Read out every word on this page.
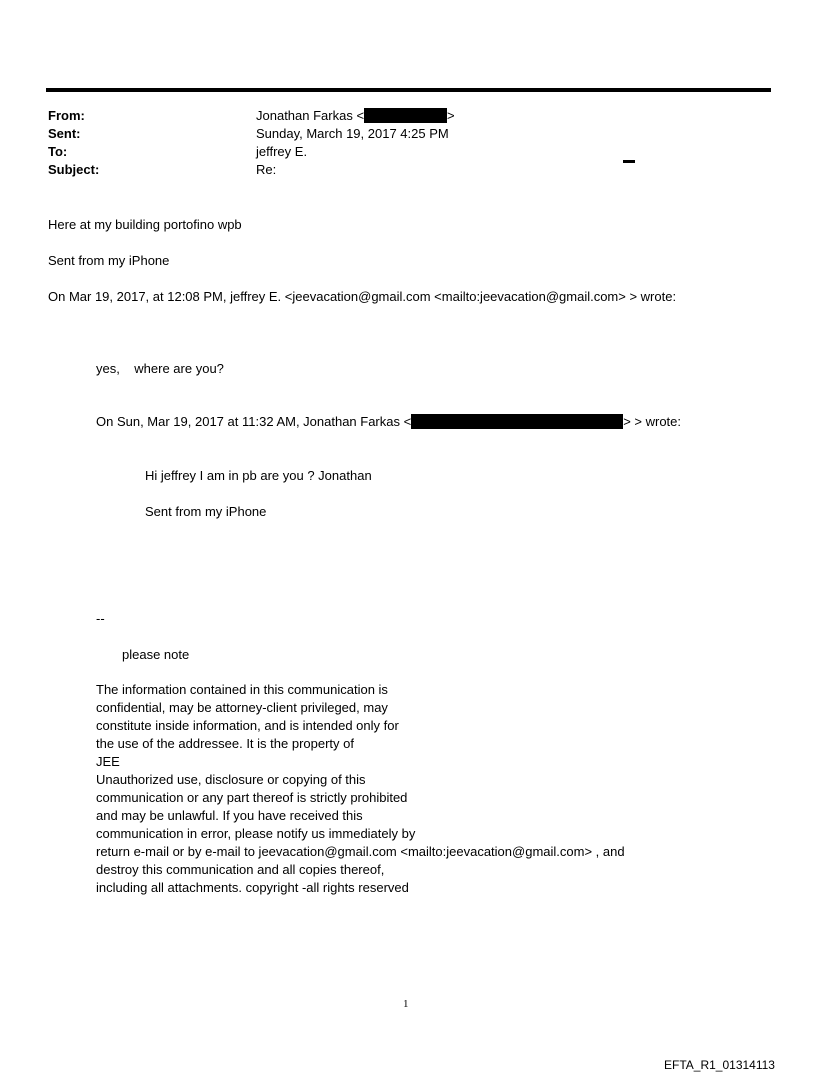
From:
Sent:
To:
Subject:
Jonathan Farkas <	>
Sunday, March 19, 2017 4:25 PM
jeffrey E.
Re:
Here at my building portofino wpb
Sent from my iPhone
On Mar 19, 2017, at 12:08 PM, jeffrey E. <jeevacation@gmail.com <mailto:jeevacation@gmail.com> > wrote:
yes,    where are you?
On Sun, Mar 19, 2017 at 11:32 AM, Jonathan Farkas <	> > wrote:
Hi jeffrey I am in pb are you ? Jonathan
Sent from my iPhone
--
please note
The information contained in this communication is
confidential, may be attorney-client privileged, may
constitute inside information, and is intended only for
the use of the addressee. It is the property of
JEE
Unauthorized use, disclosure or copying of this
communication or any part thereof is strictly prohibited
and may be unlawful. If you have received this
communication in error, please notify us immediately by
return e-mail or by e-mail to jeevacation@gmail.com <mailto:jeevacation@gmail.com> , and
destroy this communication and all copies thereof,
including all attachments. copyright -all rights reserved
1
EFTA_R1_01314113
